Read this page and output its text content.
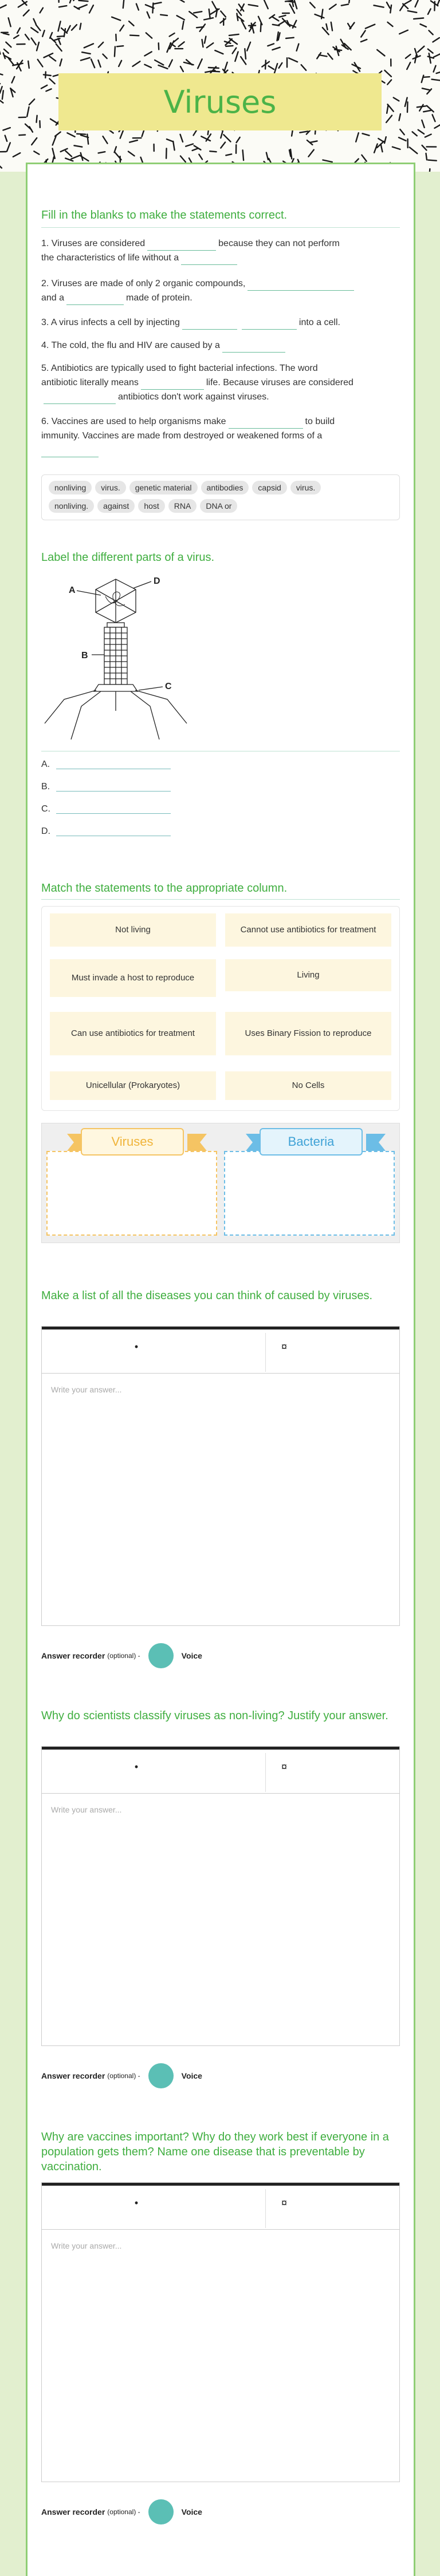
Viruses
Fill in the blanks to make the statements correct.
1. Viruses are considered	because they can not perform
the characteristics of life without a
2. Viruses are made of only 2 organic compounds,
and a	made of protein.
3. A virus infects a cell by injecting	into a cell.
4. The cold, the flu and HIV are caused by a
5. Antibiotics are typically used to fight bacterial infections. The word
antibiotic literally means	life. Because viruses are considered
antibiotics don't work against viruses.
6. Vaccines are used to help organisms make	to build
immunity. Vaccines are made from destroyed or weakened forms of a

nonliving virus. genetic material antibodies capsid virus.
nonliving. against host RNA DNA or
Label the different parts of a virus.
A
D
B
C
A.
B.
C.
D.
Match the statements to the appropriate column.
Not living	Cannot use antibiotics for treatment
Must invade a host to reproduce	Living
Can use antibiotics for treatment	Uses Binary Fission to reproduce
Unicellular (Prokaryotes)	No Cells
Viruses	Bacteria
Make a list of all the diseases you can think of caused by viruses.
•	¤
Write your answer...
Answer recorder (optional) -	Voice
Why do scientists classify viruses as non-living? Justify your answer.
•	¤
Write your answer...
Answer recorder (optional) -	Voice
Why are vaccines important? Why do they work best if everyone in a population gets them? Name one disease that is preventable by vaccination.
•	¤
Write your answer...
Answer recorder (optional) -	Voice
